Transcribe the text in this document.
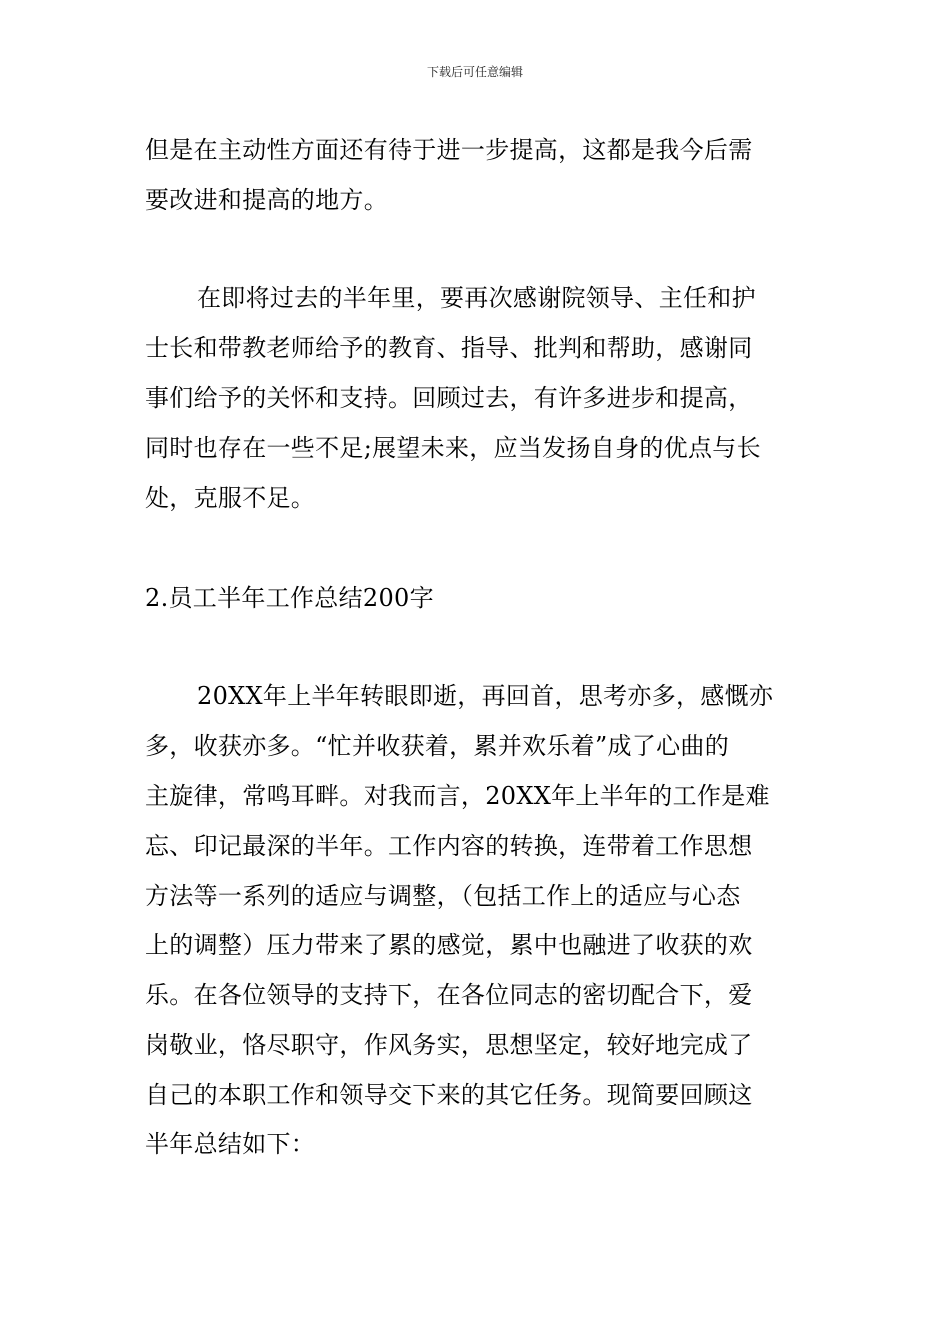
下载后可任意编辑
但是在主动性方面还有待于进一步提高，这都是我今后需
要改进和提高的地方。
在即将过去的半年里，要再次感谢院领导、主任和护
士长和带教老师给予的教育、指导、批判和帮助，感谢同
事们给予的关怀和支持。回顾过去，有许多进步和提高，
同时也存在一些不足;展望未来，应当发扬自身的优点与长
处，克服不足。
2.员工半年工作总结200字
20XX年上半年转眼即逝，再回首，思考亦多，感慨亦
多，收获亦多。“忙并收获着，累并欢乐着”成了心曲的
主旋律，常鸣耳畔。对我而言，20XX年上半年的工作是难
忘、印记最深的半年。工作内容的转换，连带着工作思想
方法等一系列的适应与调整，（包括工作上的适应与心态
上的调整）压力带来了累的感觉，累中也融进了收获的欢
乐。在各位领导的支持下，在各位同志的密切配合下，爱
岗敬业，恪尽职守，作风务实，思想坚定，较好地完成了
自己的本职工作和领导交下来的其它任务。现简要回顾这
半年总结如下：
